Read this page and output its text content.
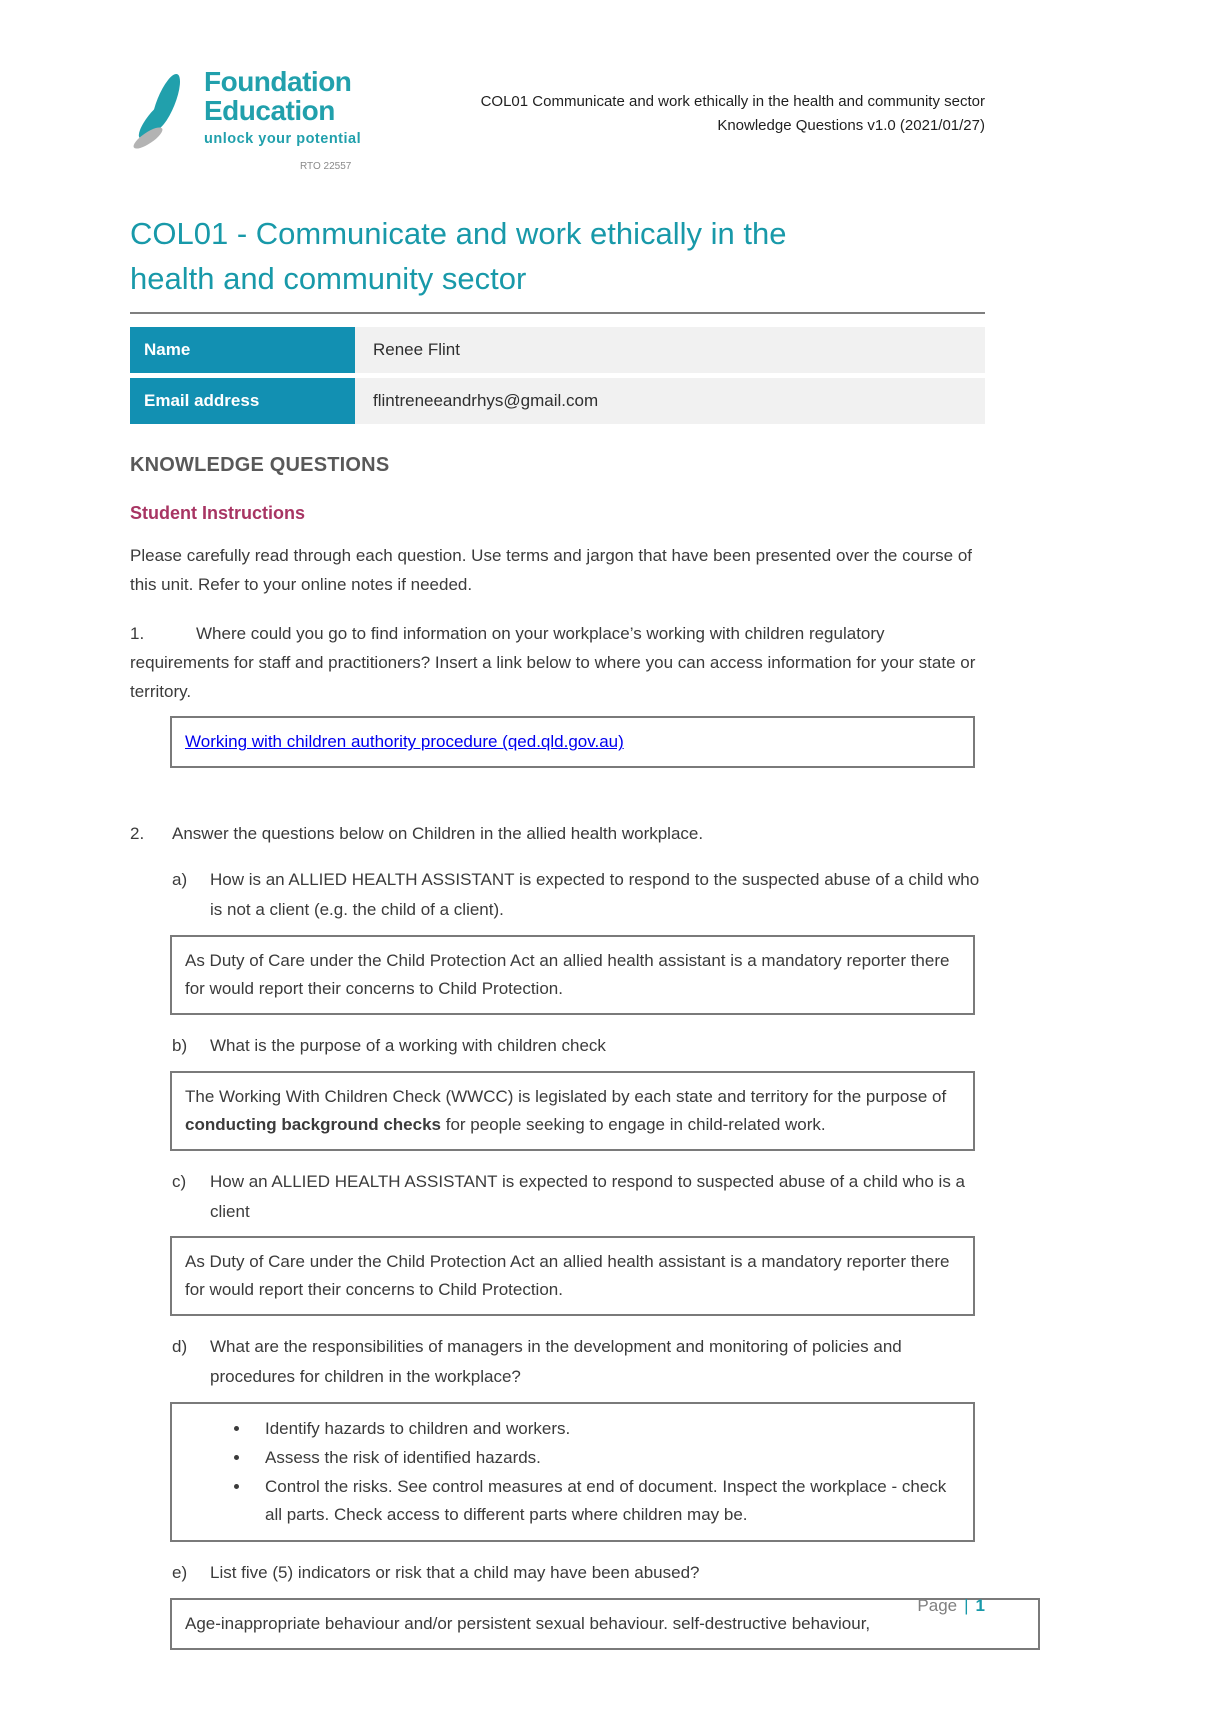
Foundation
Education
unlock your potential
RTO 22557
COL01 Communicate and work ethically in the health and community sector
Knowledge Questions v1.0 (2021/01/27)
COL01 - Communicate and work ethically in the
health and community sector
Name	Renee Flint
Email address	flintreneeandrhys@gmail.com
KNOWLEDGE QUESTIONS
Student Instructions

Please carefully read through each question. Use terms and jargon that have been presented over the course of this unit. Refer to your online notes if needed.

1.	Where could you go to find information on your workplace’s working with children regulatory requirements for staff and practitioners? Insert a link below to where you can access information for your state or territory.

Working with children authority procedure (qed.qld.gov.au)

2. Answer the questions below on Children in the allied health workplace.

a) How is an ALLIED HEALTH ASSISTANT is expected to respond to the suspected abuse of a child who is not a client (e.g. the child of a client).

As Duty of Care under the Child Protection Act an allied health assistant is a mandatory reporter there for would report their concerns to Child Protection.

b) What is the purpose of a working with children check

The Working With Children Check (WWCC) is legislated by each state and territory for the purpose of conducting background checks for people seeking to engage in child-related work.

c) How an ALLIED HEALTH ASSISTANT is expected to respond to suspected abuse of a child who is a client

As Duty of Care under the Child Protection Act an allied health assistant is a mandatory reporter there for would report their concerns to Child Protection.

d) What are the responsibilities of managers in the development and monitoring of policies and procedures for children in the workplace?

• Identify hazards to children and workers.
• Assess the risk of identified hazards.
• Control the risks. See control measures at end of document. Inspect the workplace - check all parts. Check access to different parts where children may be.

e) List five (5) indicators or risk that a child may have been abused?

Age-inappropriate behaviour and/or persistent sexual behaviour. self-destructive behaviour,
Page | 1
